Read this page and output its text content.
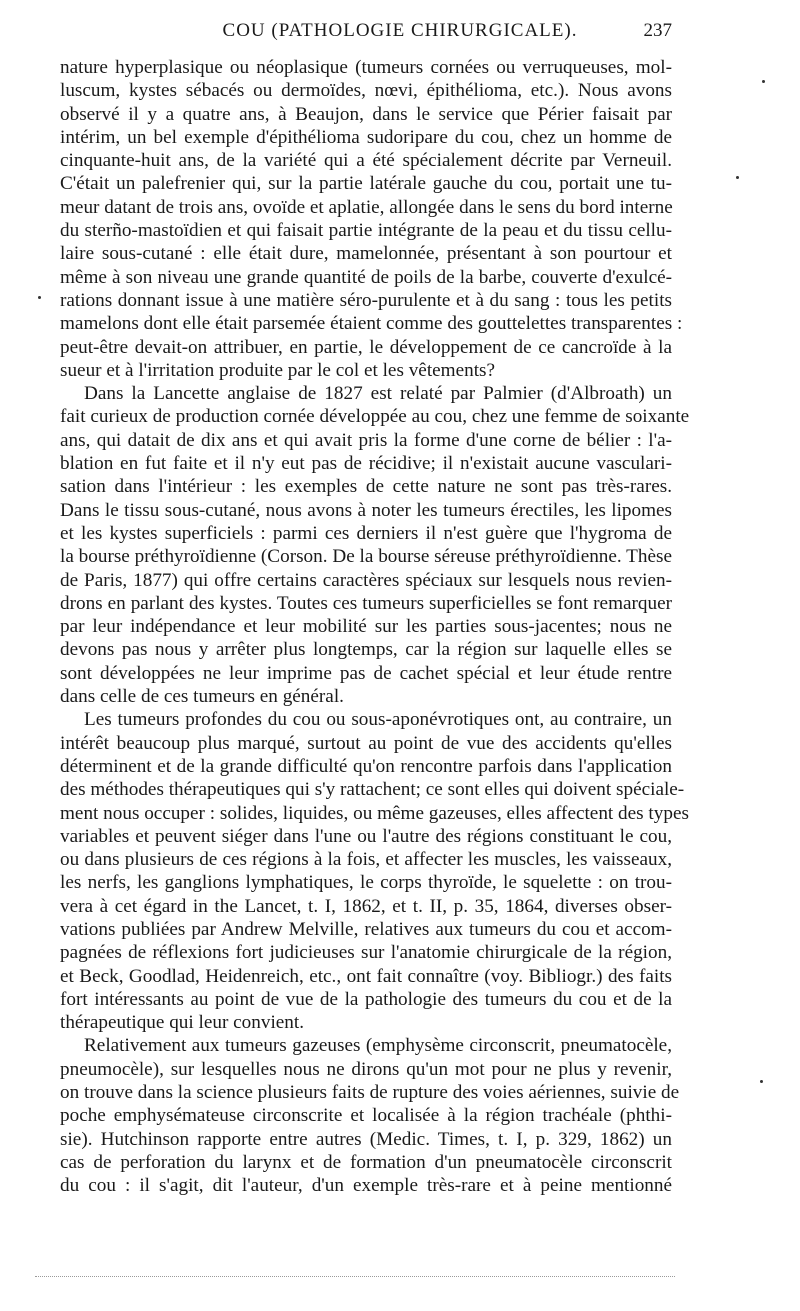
COU (PATHOLOGIE CHIRURGICALE).	237

nature hyperplasique ou néoplasique (tumeurs cornées ou verruqueuses, mol-
luscum, kystes sébacés ou dermoïdes, nœvi, épithélioma, etc.). Nous avons
observé il y a quatre ans, à Beaujon, dans le service que Périer faisait par
intérim, un bel exemple d'épithélioma sudoripare du cou, chez un homme de
cinquante-huit ans, de la variété qui a été spécialement décrite par Verneuil.
C'était un palefrenier qui, sur la partie latérale gauche du cou, portait une tu-
meur datant de trois ans, ovoïde et aplatie, allongée dans le sens du bord interne
du sterño-mastoïdien et qui faisait partie intégrante de la peau et du tissu cellu-
laire sous-cutané : elle était dure, mamelonnée, présentant à son pourtour et
même à son niveau une grande quantité de poils de la barbe, couverte d'exulcé-
rations donnant issue à une matière séro-purulente et à du sang : tous les petits
mamelons dont elle était parsemée étaient comme des gouttelettes transparentes :
peut-être devait-on attribuer, en partie, le développement de ce cancroïde à la
sueur et à l'irritation produite par le col et les vêtements?

Dans la Lancette anglaise de 1827 est relaté par Palmier (d'Albroath) un
fait curieux de production cornée développée au cou, chez une femme de soixante
ans, qui datait de dix ans et qui avait pris la forme d'une corne de bélier : l'a-
blation en fut faite et il n'y eut pas de récidive; il n'existait aucune vasculari-
sation dans l'intérieur : les exemples de cette nature ne sont pas très-rares.
Dans le tissu sous-cutané, nous avons à noter les tumeurs érectiles, les lipomes
et les kystes superficiels : parmi ces derniers il n'est guère que l'hygroma de
la bourse préthyroïdienne (Corson. De la bourse séreuse préthyroïdienne. Thèse
de Paris, 1877) qui offre certains caractères spéciaux sur lesquels nous revien-
drons en parlant des kystes. Toutes ces tumeurs superficielles se font remarquer
par leur indépendance et leur mobilité sur les parties sous-jacentes; nous ne
devons pas nous y arrêter plus longtemps, car la région sur laquelle elles se
sont développées ne leur imprime pas de cachet spécial et leur étude rentre
dans celle de ces tumeurs en général.

Les tumeurs profondes du cou ou sous-aponévrotiques ont, au contraire, un
intérêt beaucoup plus marqué, surtout au point de vue des accidents qu'elles
déterminent et de la grande difficulté qu'on rencontre parfois dans l'application
des méthodes thérapeutiques qui s'y rattachent; ce sont elles qui doivent spéciale-
ment nous occuper : solides, liquides, ou même gazeuses, elles affectent des types
variables et peuvent siéger dans l'une ou l'autre des régions constituant le cou,
ou dans plusieurs de ces régions à la fois, et affecter les muscles, les vaisseaux,
les nerfs, les ganglions lymphatiques, le corps thyroïde, le squelette : on trou-
vera à cet égard in the Lancet, t. I, 1862, et t. II, p. 35, 1864, diverses obser-
vations publiées par Andrew Melville, relatives aux tumeurs du cou et accom-
pagnées de réflexions fort judicieuses sur l'anatomie chirurgicale de la région,
et Beck, Goodlad, Heidenreich, etc., ont fait connaître (voy. Bibliogr.) des faits
fort intéressants au point de vue de la pathologie des tumeurs du cou et de la
thérapeutique qui leur convient.

Relativement aux tumeurs gazeuses (emphysème circonscrit, pneumatocèle,
pneumocèle), sur lesquelles nous ne dirons qu'un mot pour ne plus y revenir,
on trouve dans la science plusieurs faits de rupture des voies aériennes, suivie de
poche emphysémateuse circonscrite et localisée à la région trachéale (phthi-
sie). Hutchinson rapporte entre autres (Medic. Times, t. I, p. 329, 1862) un
cas de perforation du larynx et de formation d'un pneumatocèle circonscrit
du cou : il s'agit, dit l'auteur, d'un exemple très-rare et à peine mentionné
